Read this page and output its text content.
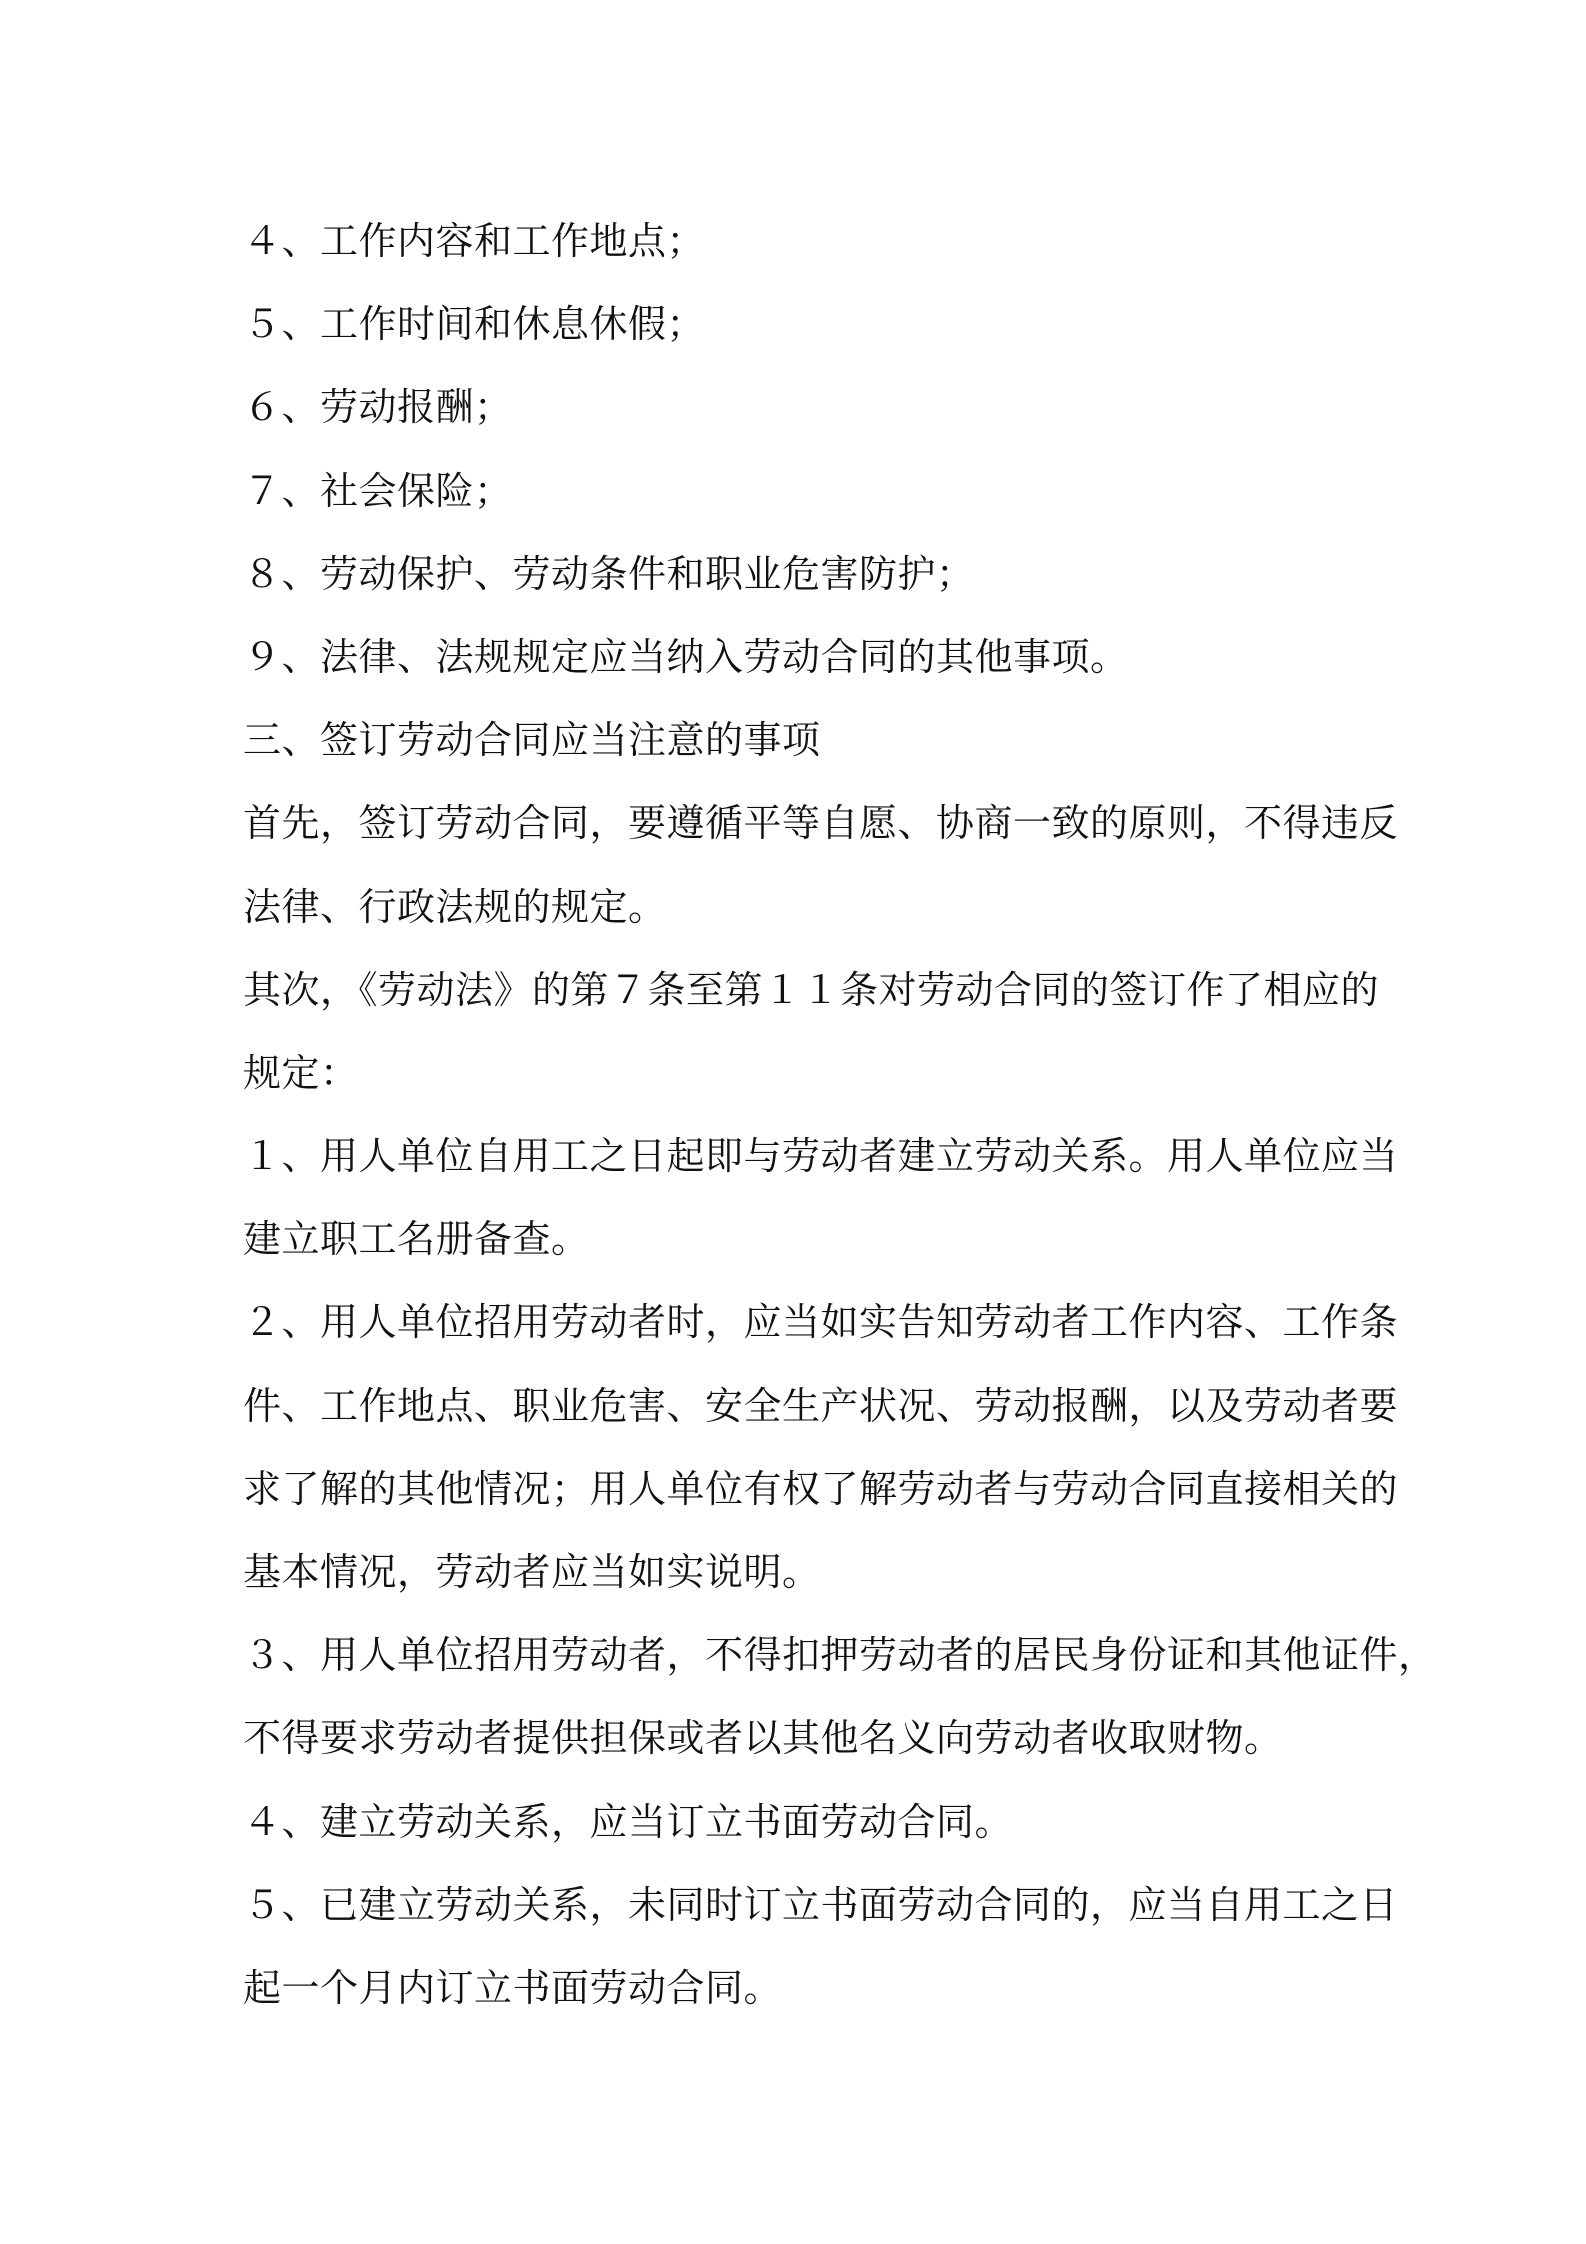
４、工作内容和工作地点；

５、工作时间和休息休假；

６、劳动报酬；

７、社会保险；

８、劳动保护、劳动条件和职业危害防护；

９、法律、法规规定应当纳入劳动合同的其他事项。

三、签订劳动合同应当注意的事项

首先，签订劳动合同，要遵循平等自愿、协商一致的原则，不得违反

法律、行政法规的规定。

其次，《劳动法》的第７条至第１１条对劳动合同的签订作了相应的

规定：

１、用人单位自用工之日起即与劳动者建立劳动关系。用人单位应当

建立职工名册备查。

２、用人单位招用劳动者时，应当如实告知劳动者工作内容、工作条

件、工作地点、职业危害、安全生产状况、劳动报酬，以及劳动者要

求了解的其他情况；用人单位有权了解劳动者与劳动合同直接相关的

基本情况，劳动者应当如实说明。

３、用人单位招用劳动者，不得扣押劳动者的居民身份证和其他证件，

不得要求劳动者提供担保或者以其他名义向劳动者收取财物。

４、建立劳动关系，应当订立书面劳动合同。

５、已建立劳动关系，未同时订立书面劳动合同的，应当自用工之日

起一个月内订立书面劳动合同。
